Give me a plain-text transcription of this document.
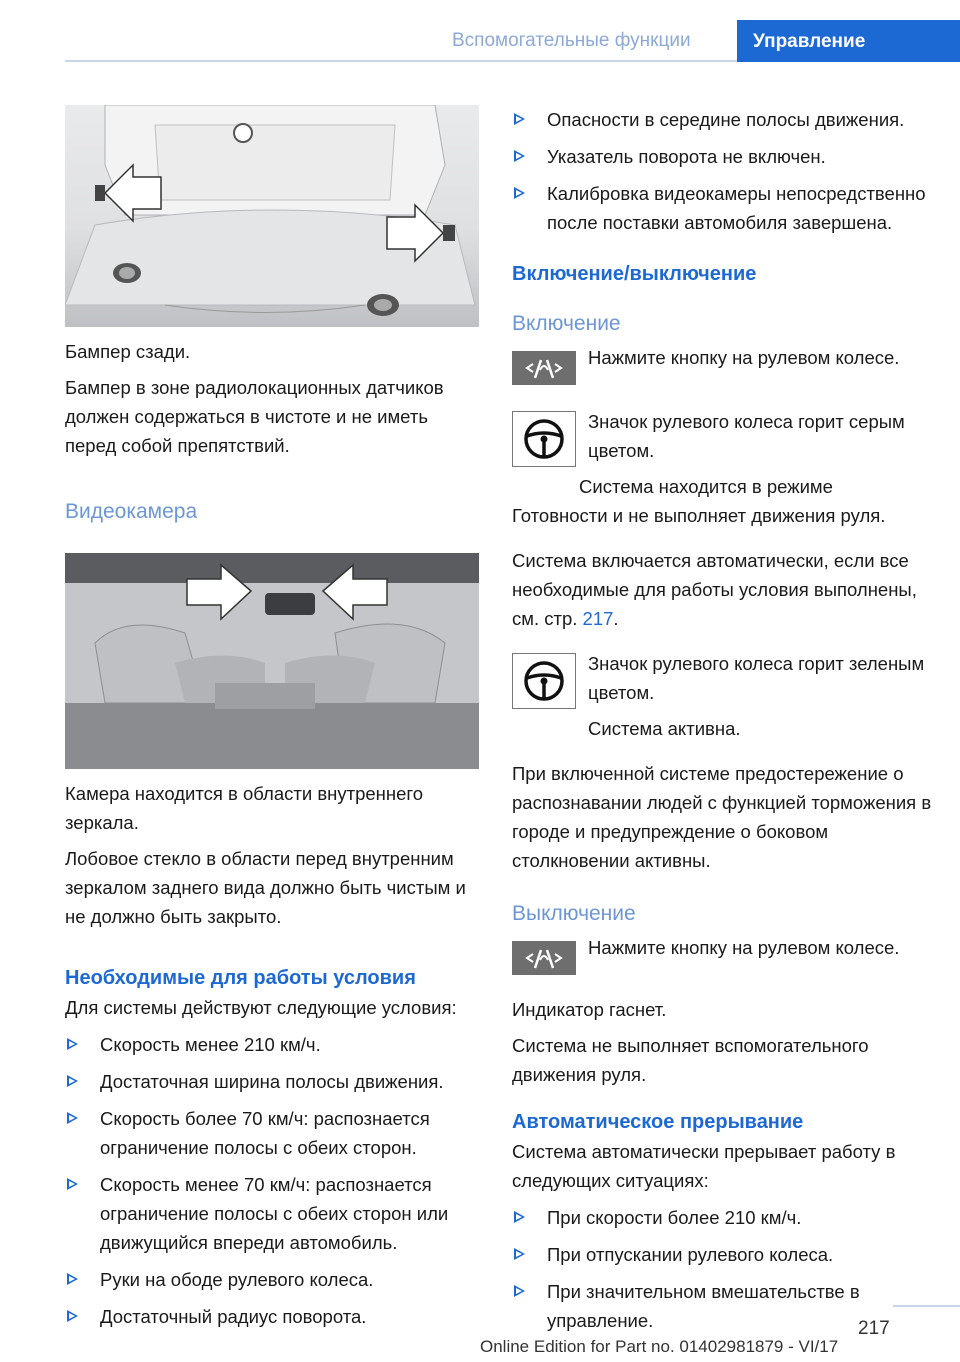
Вспомогательные функции	Управление

Бампер сзади.

Бампер в зоне радиолокационных датчиков должен содержаться в чистоте и не иметь перед собой препятствий.

Видеокамера

Камера находится в области внутреннего зеркала.

Лобовое стекло в области перед внутренним зеркалом заднего вида должно быть чистым и не должно быть закрыто.

Необходимые для работы условия

Для системы действуют следующие условия:

Скорость менее 210 км/ч.
Достаточная ширина полосы движения.
Скорость более 70 км/ч: распознается ограничение полосы с обеих сторон.
Скорость менее 70 км/ч: распознается ограничение полосы с обеих сторон или движущийся впереди автомобиль.
Руки на ободе рулевого колеса.
Достаточный радиус поворота.
Опасности в середине полосы движения.
Указатель поворота не включен.
Калибровка видеокамеры непосредственно после поставки автомобиля завершена.

Включение/выключение

Включение

Нажмите кнопку на рулевом колесе.

Значок рулевого колеса горит серым цветом.

Система находится в режиме Готовности и не выполняет движения руля.

Система включается автоматически, если все необходимые для работы условия выполнены, см. стр. 217.

Значок рулевого колеса горит зеленым цветом.

Система активна.

При включенной системе предостережение о распознавании людей с функцией торможения в городе и предупреждение о боковом столкновении активны.

Выключение

Нажмите кнопку на рулевом колесе.

Индикатор гаснет.

Система не выполняет вспомогательного движения руля.

Автоматическое прерывание

Система автоматически прерывает работу в следующих ситуациях:

При скорости более 210 км/ч.
При отпускании рулевого колеса.
При значительном вмешательстве в управление.	217
Online Edition for Part no. 01402981879 - VI/17
